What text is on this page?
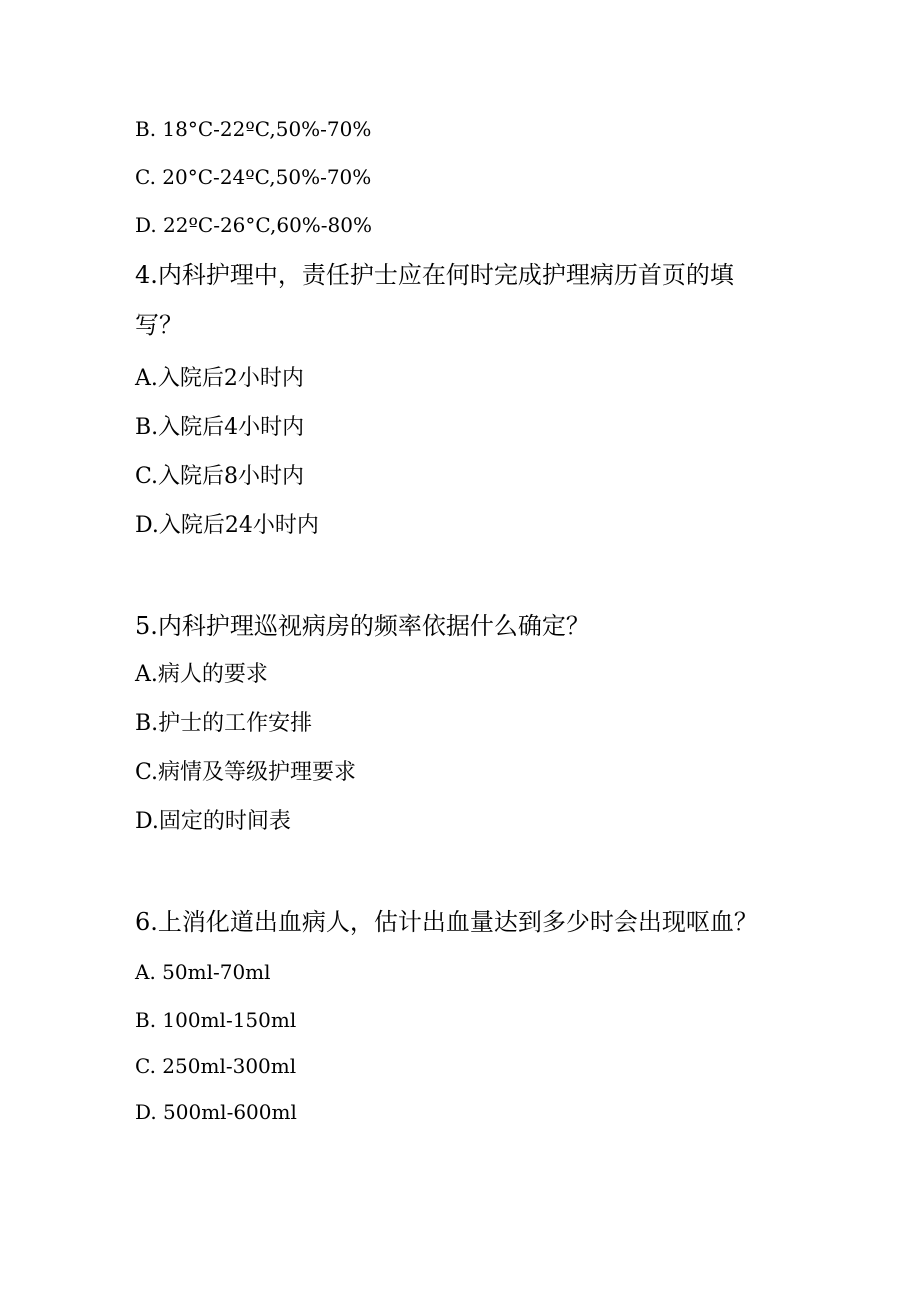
B. 18°C-22ºC,50%-70%
C. 20°C-24ºC,50%-70%
D. 22ºC-26°C,60%-80%
4.内科护理中，责任护士应在何时完成护理病历首页的填
写？
A.入院后2小时内
B.入院后4小时内
C.入院后8小时内
D.入院后24小时内
5.内科护理巡视病房的频率依据什么确定？
A.病人的要求
B.护士的工作安排
C.病情及等级护理要求
D.固定的时间表
6.上消化道出血病人，估计出血量达到多少时会出现呕血？
A. 50ml-70ml
B. 100ml-150ml
C. 250ml-300ml
D. 500ml-600ml
